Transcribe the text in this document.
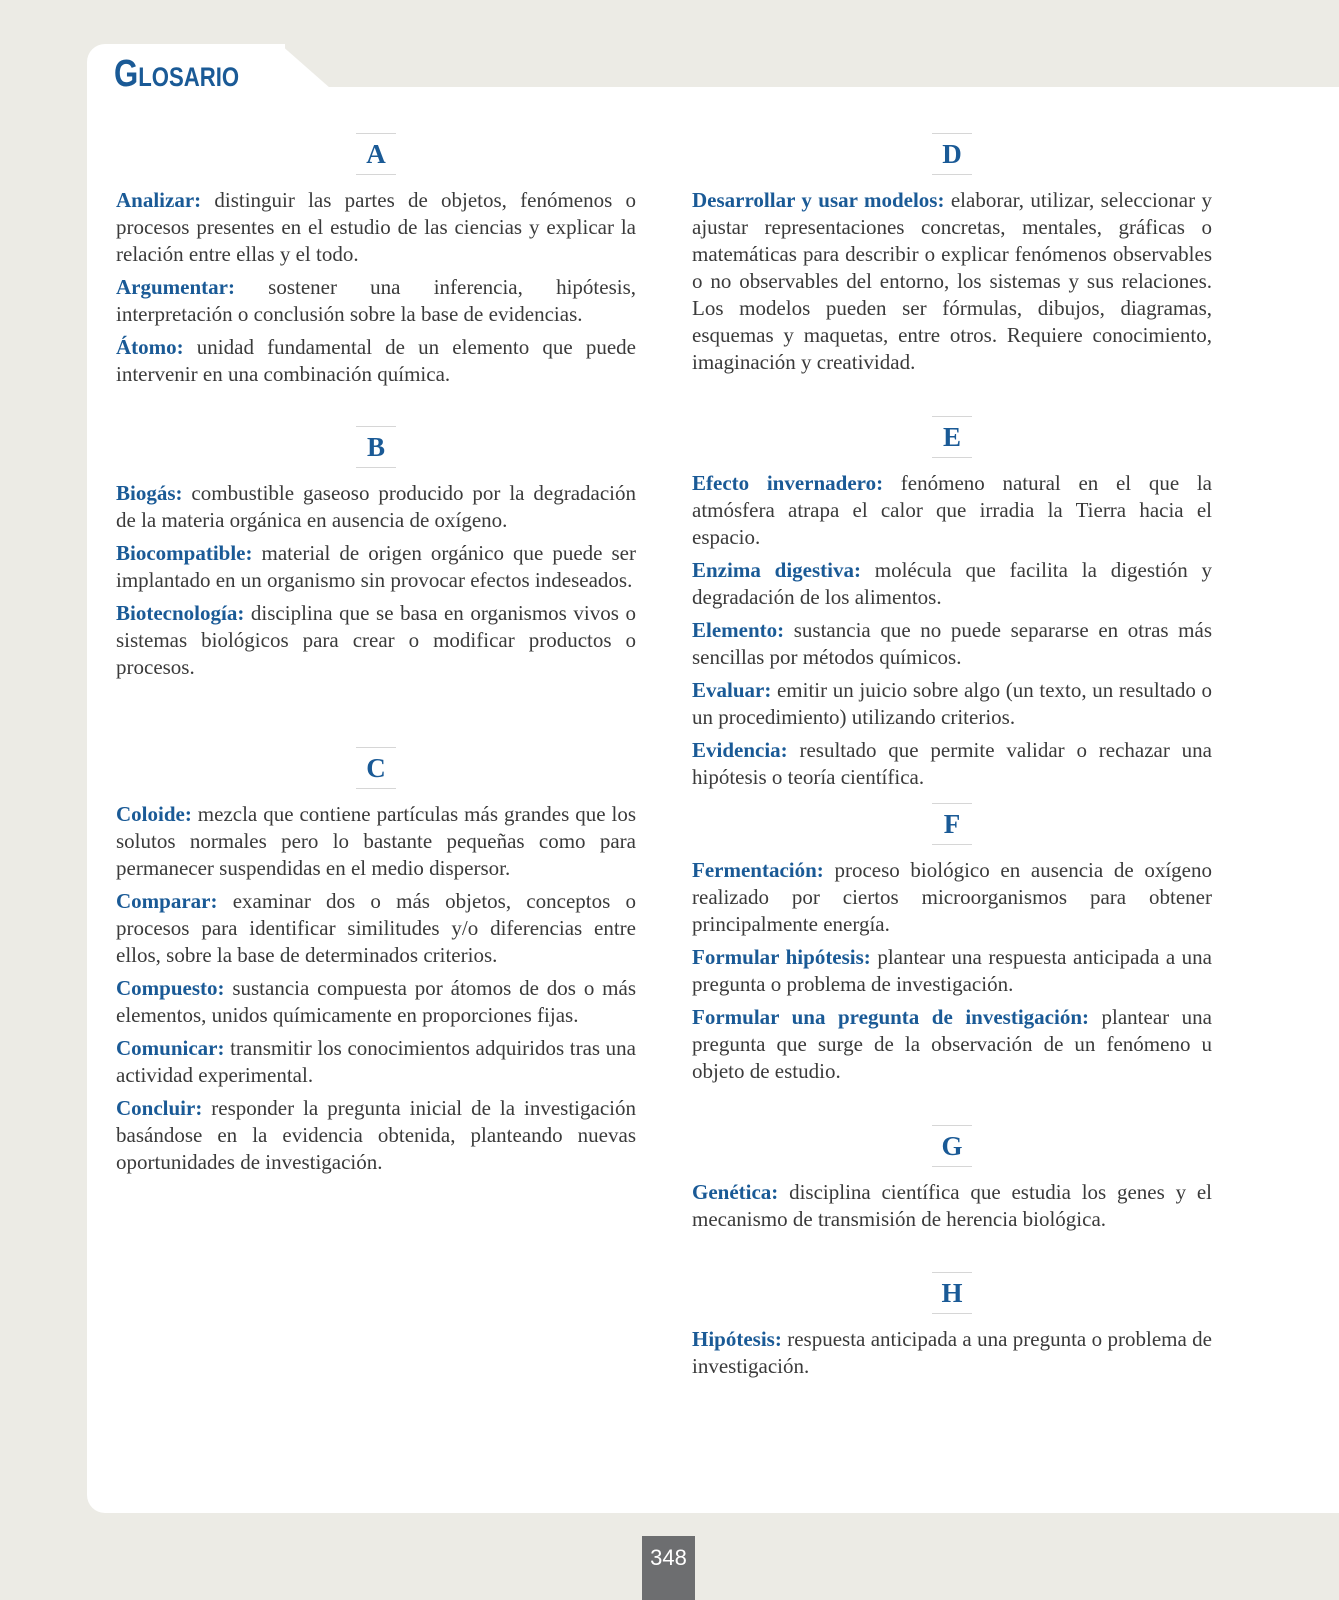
Glosario
A

Analizar: distinguir las partes de objetos, fenómenos o procesos presentes en el estudio de las ciencias y explicar la relación entre ellas y el todo.

Argumentar: sostener una inferencia, hipótesis, interpretación o conclusión sobre la base de evidencias.

Átomo: unidad fundamental de un elemento que puede intervenir en una combinación química.

B

Biogás: combustible gaseoso producido por la degradación de la materia orgánica en ausencia de oxígeno.

Biocompatible: material de origen orgánico que puede ser implantado en un organismo sin provocar efectos indeseados.

Biotecnología: disciplina que se basa en organismos vivos o sistemas biológicos para crear o modificar productos o procesos.

C

Coloide: mezcla que contiene partículas más grandes que los solutos normales pero lo bastante pequeñas como para permanecer suspendidas en el medio dispersor.

Comparar: examinar dos o más objetos, conceptos o procesos para identificar similitudes y/o diferencias entre ellos, sobre la base de determinados criterios.

Compuesto: sustancia compuesta por átomos de dos o más elementos, unidos químicamente en proporciones fijas.

Comunicar: transmitir los conocimientos adquiridos tras una actividad experimental.

Concluir: responder la pregunta inicial de la investigación basándose en la evidencia obtenida, planteando nuevas oportunidades de investigación.

D

Desarrollar y usar modelos: elaborar, utilizar, seleccionar y ajustar representaciones concretas, mentales, gráficas o matemáticas para describir o explicar fenómenos observables o no observables del entorno, los sistemas y sus relaciones. Los modelos pueden ser fórmulas, dibujos, diagramas, esquemas y maquetas, entre otros. Requiere conocimiento, imaginación y creatividad.

E

Efecto invernadero: fenómeno natural en el que la atmósfera atrapa el calor que irradia la Tierra hacia el espacio.

Enzima digestiva: molécula que facilita la digestión y degradación de los alimentos.

Elemento: sustancia que no puede separarse en otras más sencillas por métodos químicos.

Evaluar: emitir un juicio sobre algo (un texto, un resultado o un procedimiento) utilizando criterios.

Evidencia: resultado que permite validar o rechazar una hipótesis o teoría científica.

F

Fermentación: proceso biológico en ausencia de oxígeno realizado por ciertos microorganismos para obtener principalmente energía.

Formular hipótesis: plantear una respuesta anticipada a una pregunta o problema de investigación.

Formular una pregunta de investigación: plantear una pregunta que surge de la observación de un fenómeno u objeto de estudio.

G

Genética: disciplina científica que estudia los genes y el mecanismo de transmisión de herencia biológica.

H

Hipótesis: respuesta anticipada a una pregunta o problema de investigación.

348
